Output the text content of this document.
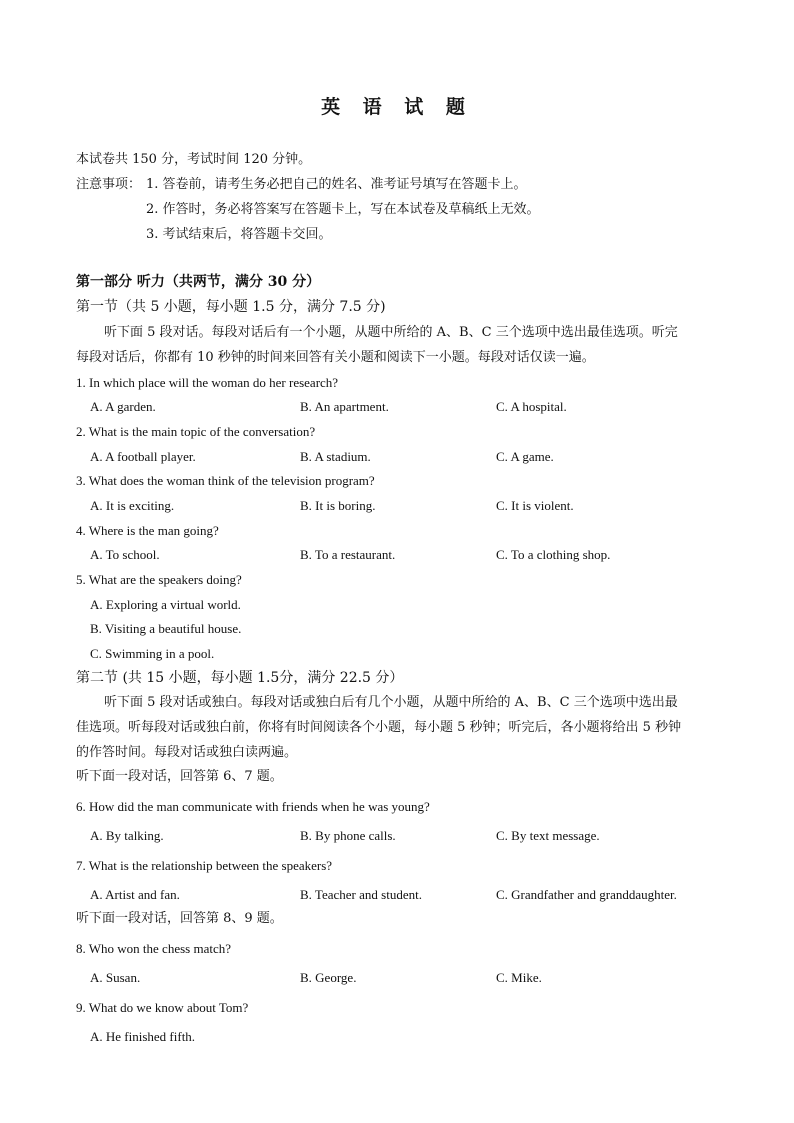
英 语 试 题
本试卷共 150 分，考试时间 120 分钟。
注意事项： 1. 答卷前，请考生务必把自己的姓名、准考证号填写在答题卡上。
2. 作答时，务必将答案写在答题卡上，写在本试卷及草稿纸上无效。
3. 考试结束后，将答题卡交回。
第一部分 听力（共两节，满分 30 分）
第一节（共 5 小题，每小题 1.5 分，满分 7.5 分)
听下面 5 段对话。每段对话后有一个小题，从题中所给的 A、B、C 三个选项中选出最佳选项。听完
每段对话后，你都有 10 秒钟的时间来回答有关小题和阅读下一小题。每段对话仅读一遍。
1. In which place will the woman do her research?
A. A garden.	B. An apartment.	C. A hospital.
2. What is the main topic of the conversation?
A. A football player.	B. A stadium.	C. A game.
3. What does the woman think of the television program?
A. It is exciting.	B. It is boring.	C. It is violent.
4. Where is the man going?
A. To school.	B. To a restaurant.	C. To a clothing shop.
5. What are the speakers doing?
A. Exploring a virtual world.
B. Visiting a beautiful house.
C. Swimming in a pool.
第二节 (共 15 小题，每小题 1.5分，满分 22.5 分）
听下面 5 段对话或独白。每段对话或独白后有几个小题，从题中所给的 A、B、C 三个选项中选出最
佳选项。听每段对话或独白前，你将有时间阅读各个小题，每小题 5 秒钟；听完后，各小题将给出 5 秒钟
的作答时间。每段对话或独白读两遍。
听下面一段对话，回答第 6、7 题。
6. How did the man communicate with friends when he was young?
A. By talking.	B. By phone calls.	C. By text message.
7. What is the relationship between the speakers?
A. Artist and fan.	B. Teacher and student.	C. Grandfather and granddaughter.
听下面一段对话，回答第 8、9 题。
8. Who won the chess match?
A. Susan.	B. George.	C. Mike.
9. What do we know about Tom?
A. He finished fifth.
